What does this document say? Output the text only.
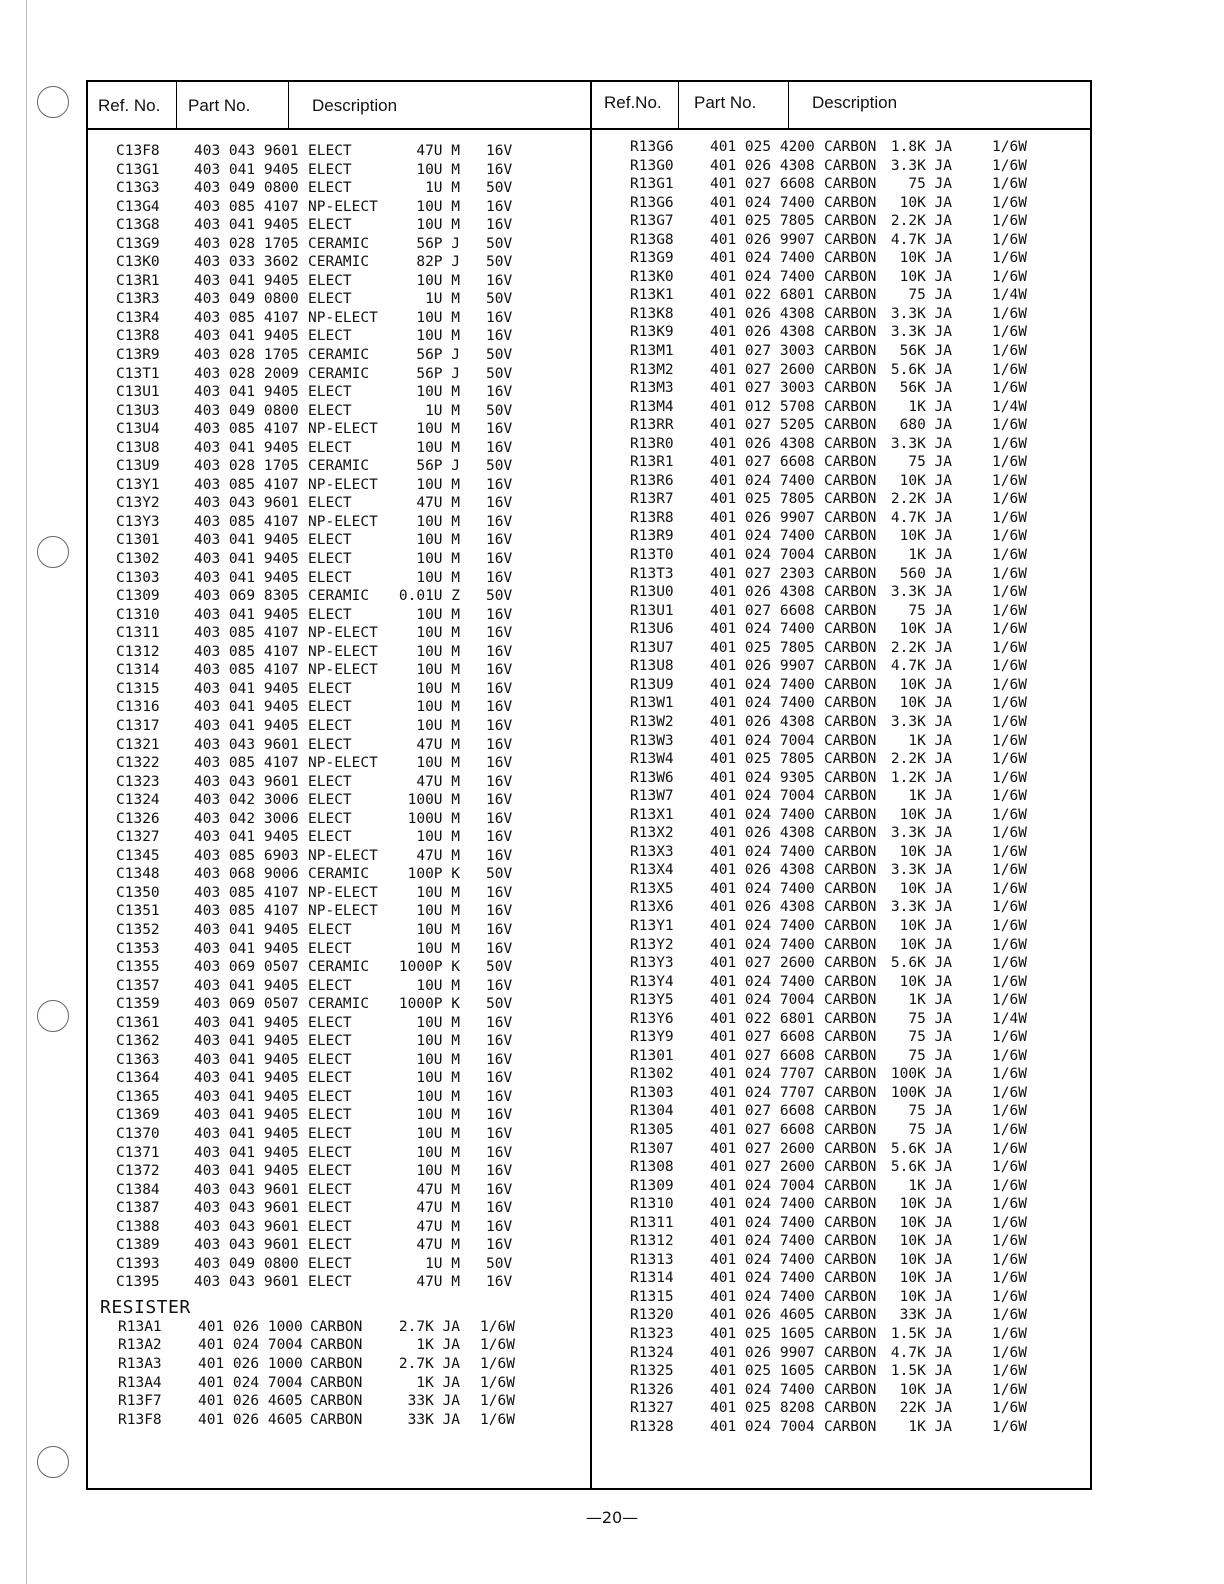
Ref. No. Part No.	Description	Ref.No. Part No.	Description
C13F8 403 043 9601 ELECT	47U M 16V
C13G1 403 041 9405 ELECT	10U M 16V
C13G3 403 049 0800 ELECT	1U M 50V
C13G4 403 085 4107 NP-ELECT	10U M 16V
C13G8 403 041 9405 ELECT	10U M 16V
C13G9 403 028 1705 CERAMIC	56P J 50V
C13K0 403 033 3602 CERAMIC	82P J 50V
C13R1 403 041 9405 ELECT	10U M 16V
C13R3 403 049 0800 ELECT	1U M 50V
C13R4 403 085 4107 NP-ELECT	10U M 16V
C13R8 403 041 9405 ELECT	10U M 16V
C13R9 403 028 1705 CERAMIC	56P J 50V
C13T1 403 028 2009 CERAMIC	56P J 50V
C13U1 403 041 9405 ELECT	10U M 16V
C13U3 403 049 0800 ELECT	1U M 50V
C13U4 403 085 4107 NP-ELECT	10U M 16V
C13U8 403 041 9405 ELECT	10U M 16V
C13U9 403 028 1705 CERAMIC	56P J 50V
C13Y1 403 085 4107 NP-ELECT	10U M 16V
C13Y2 403 043 9601 ELECT	47U M 16V
C13Y3 403 085 4107 NP-ELECT	10U M 16V
C1301 403 041 9405 ELECT	10U M 16V
C1302 403 041 9405 ELECT	10U M 16V
C1303 403 041 9405 ELECT	10U M 16V
C1309 403 069 8305 CERAMIC 0.01U Z 50V
C1310 403 041 9405 ELECT	10U M 16V
C1311 403 085 4107 NP-ELECT	10U M 16V
C1312 403 085 4107 NP-ELECT	10U M 16V
C1314 403 085 4107 NP-ELECT	10U M 16V
C1315 403 041 9405 ELECT	10U M 16V
C1316 403 041 9405 ELECT	10U M 16V
C1317 403 041 9405 ELECT	10U M 16V
C1321 403 043 9601 ELECT	47U M 16V
C1322 403 085 4107 NP-ELECT	10U M 16V
C1323 403 043 9601 ELECT	47U M 16V
C1324 403 042 3006 ELECT	100U M 16V
C1326 403 042 3006 ELECT	100U M 16V
C1327 403 041 9405 ELECT	10U M 16V
C1345 403 085 6903 NP-ELECT	47U M 16V
C1348 403 068 9006 CERAMIC	100P K 50V
C1350 403 085 4107 NP-ELECT	10U M 16V
C1351 403 085 4107 NP-ELECT	10U M 16V
C1352 403 041 9405 ELECT	10U M 16V
C1353 403 041 9405 ELECT	10U M 16V
C1355 403 069 0507 CERAMIC 1000P K 50V
C1357 403 041 9405 ELECT	10U M 16V
C1359 403 069 0507 CERAMIC 1000P K 50V
C1361 403 041 9405 ELECT	10U M 16V
C1362 403 041 9405 ELECT	10U M 16V
C1363 403 041 9405 ELECT	10U M 16V
C1364 403 041 9405 ELECT	10U M 16V
C1365 403 041 9405 ELECT	10U M 16V
C1369 403 041 9405 ELECT	10U M 16V
C1370 403 041 9405 ELECT	10U M 16V
C1371 403 041 9405 ELECT	10U M 16V
C1372 403 041 9405 ELECT	10U M 16V
C1384 403 043 9601 ELECT	47U M 16V
C1387 403 043 9601 ELECT	47U M 16V
C1388 403 043 9601 ELECT	47U M 16V
C1389 403 043 9601 ELECT	47U M 16V
C1393 403 049 0800 ELECT	1U M 50V
C1395 403 043 9601 ELECT	47U M 16V
RESISTER
R13A1	401 026 1000 CARBON	2.7K JA 1/6W
R13A2	401 024 7004 CARBON	1K JA 1/6W
R13A3	401 026 1000 CARBON	2.7K JA 1/6W
R13A4	401 024 7004 CARBON	1K JA 1/6W
R13F7	401 026 4605 CARBON	33K JA 1/6W
R13F8	401 026 4605 CARBON	33K JA 1/6W
R13G6	401 025 4200 CARBON 1.8K JA	1/6W
R13G0	401 026 4308 CARBON 3.3K JA	1/6W
R13G1	401 027 6608 CARBON 75 JA	1/6W
R13G6	401 024 7400 CARBON 10K JA	1/6W
R13G7	401 025 7805 CARBON 2.2K JA	1/6W
R13G8	401 026 9907 CARBON 4.7K JA	1/6W
R13G9	401 024 7400 CARBON 10K JA	1/6W
R13K0	401 024 7400 CARBON 10K JA	1/6W
R13K1	401 022 6801 CARBON 75 JA	1/4W
R13K8	401 026 4308 CARBON 3.3K JA	1/6W
R13K9	401 026 4308 CARBON 3.3K JA	1/6W
R13M1	401 027 3003 CARBON 56K JA	1/6W
R13M2	401 027 2600 CARBON 5.6K JA	1/6W
R13M3	401 027 3003 CARBON 56K JA	1/6W
R13M4	401 012 5708 CARBON 1K JA	1/4W
R13RR	401 027 5205 CARBON 680 JA	1/6W
R13R0	401 026 4308 CARBON 3.3K JA	1/6W
R13R1	401 027 6608 CARBON 75 JA	1/6W
R13R6	401 024 7400 CARBON 10K JA	1/6W
R13R7	401 025 7805 CARBON 2.2K JA	1/6W
R13R8	401 026 9907 CARBON 4.7K JA	1/6W
R13R9	401 024 7400 CARBON 10K JA	1/6W
R13T0	401 024 7004 CARBON 1K JA	1/6W
R13T3	401 027 2303 CARBON 560 JA	1/6W
R13U0	401 026 4308 CARBON 3.3K JA	1/6W
R13U1	401 027 6608 CARBON 75 JA	1/6W
R13U6	401 024 7400 CARBON 10K JA	1/6W
R13U7	401 025 7805 CARBON 2.2K JA	1/6W
R13U8	401 026 9907 CARBON 4.7K JA	1/6W
R13U9	401 024 7400 CARBON 10K JA	1/6W
R13W1	401 024 7400 CARBON 10K JA	1/6W
R13W2	401 026 4308 CARBON 3.3K JA	1/6W
R13W3	401 024 7004 CARBON 1K JA	1/6W
R13W4	401 025 7805 CARBON 2.2K JA	1/6W
R13W6	401 024 9305 CARBON 1.2K JA	1/6W
R13W7	401 024 7004 CARBON 1K JA	1/6W
R13X1	401 024 7400 CARBON 10K JA	1/6W
R13X2	401 026 4308 CARBON 3.3K JA	1/6W
R13X3	401 024 7400 CARBON 10K JA	1/6W
R13X4	401 026 4308 CARBON 3.3K JA	1/6W
R13X5	401 024 7400 CARBON 10K JA	1/6W
R13X6	401 026 4308 CARBON 3.3K JA	1/6W
R13Y1	401 024 7400 CARBON 10K JA	1/6W
R13Y2	401 024 7400 CARBON 10K JA	1/6W
R13Y3	401 027 2600 CARBON 5.6K JA	1/6W
R13Y4	401 024 7400 CARBON 10K JA	1/6W
R13Y5	401 024 7004 CARBON 1K JA	1/6W
R13Y6	401 022 6801 CARBON 75 JA	1/4W
R13Y9	401 027 6608 CARBON 75 JA	1/6W
R1301	401 027 6608 CARBON 75 JA	1/6W
R1302	401 024 7707 CARBON 100K JA	1/6W
R1303	401 024 7707 CARBON 100K JA	1/6W
R1304	401 027 6608 CARBON 75 JA	1/6W
R1305	401 027 6608 CARBON 75 JA	1/6W
R1307	401 027 2600 CARBON 5.6K JA	1/6W
R1308	401 027 2600 CARBON 5.6K JA	1/6W
R1309	401 024 7004 CARBON 1K JA	1/6W
R1310	401 024 7400 CARBON 10K JA	1/6W
R1311	401 024 7400 CARBON 10K JA	1/6W
R1312	401 024 7400 CARBON 10K JA	1/6W
R1313	401 024 7400 CARBON 10K JA	1/6W
R1314	401 024 7400 CARBON 10K JA	1/6W
R1315	401 024 7400 CARBON 10K JA	1/6W
R1320	401 026 4605 CARBON 33K JA	1/6W
R1323	401 025 1605 CARBON 1.5K JA	1/6W
R1324	401 026 9907 CARBON 4.7K JA	1/6W
R1325	401 025 1605 CARBON 1.5K JA	1/6W
R1326	401 024 7400 CARBON 10K JA	1/6W
R1327	401 025 8208 CARBON 22K JA	1/6W
R1328	401 024 7004 CARBON 1K JA	1/6W
—20—
